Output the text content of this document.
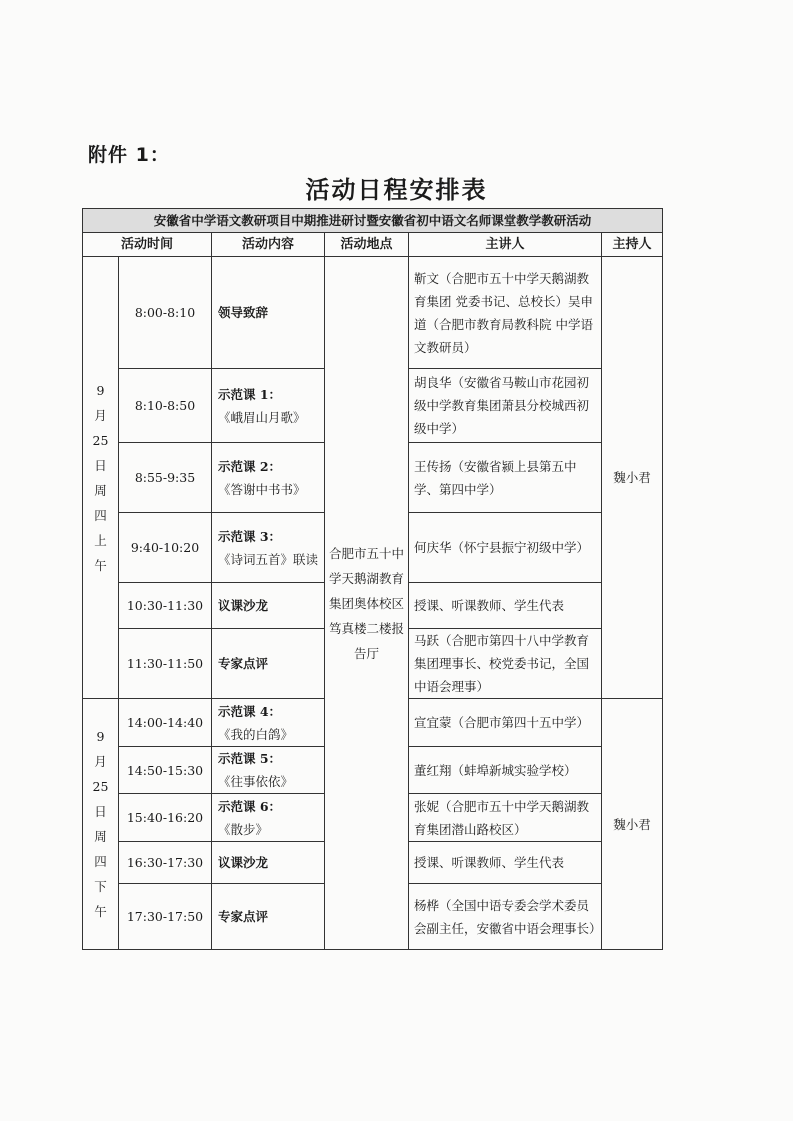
附件 1：
活动日程安排表
安徽省中学语文教研项目中期推进研讨暨安徽省初中语文名师课堂教学教研活动					
活动时间		活动内容	活动地点	主讲人	主持人
9月25日周四上午	8:00-8:10	领导致辞	合肥市五十中学天鹅湖教育集团奥体校区笃真楼二楼报告厅	靳文（合肥市五十中学天鹅湖教育集团 党委书记、总校长）吴申道（合肥市教育局教科院 中学语文教研员）	魏小君
	8:10-8:50	示范课 1：
《峨眉山月歌》		胡良华（安徽省马鞍山市花园初级中学教育集团萧县分校城西初级中学）	
	8:55-9:35	示范课 2：
《答谢中书书》		王传扬（安徽省颍上县第五中学、第四中学）	
	9:40-10:20	示范课 3：
《诗词五首》联读		何庆华（怀宁县振宁初级中学）	
	10:30-11:30	议课沙龙		授课、听课教师、学生代表	
	11:30-11:50	专家点评		马跃（合肥市第四十八中学教育集团理事长、校党委书记，全国中语会理事）	
9月25日周四下午	14:00-14:40	示范课 4：
《我的白鸽》		宣宜蒙（合肥市第四十五中学）	魏小君
	14:50-15:30	示范课 5：
《往事依依》		董红翔（蚌埠新城实验学校）	
	15:40-16:20	示范课 6：
《散步》		张妮（合肥市五十中学天鹅湖教育集团潜山路校区）	
	16:30-17:30	议课沙龙		授课、听课教师、学生代表	
	17:30-17:50	专家点评		杨桦（全国中语专委会学术委员会副主任，安徽省中语会理事长）	
